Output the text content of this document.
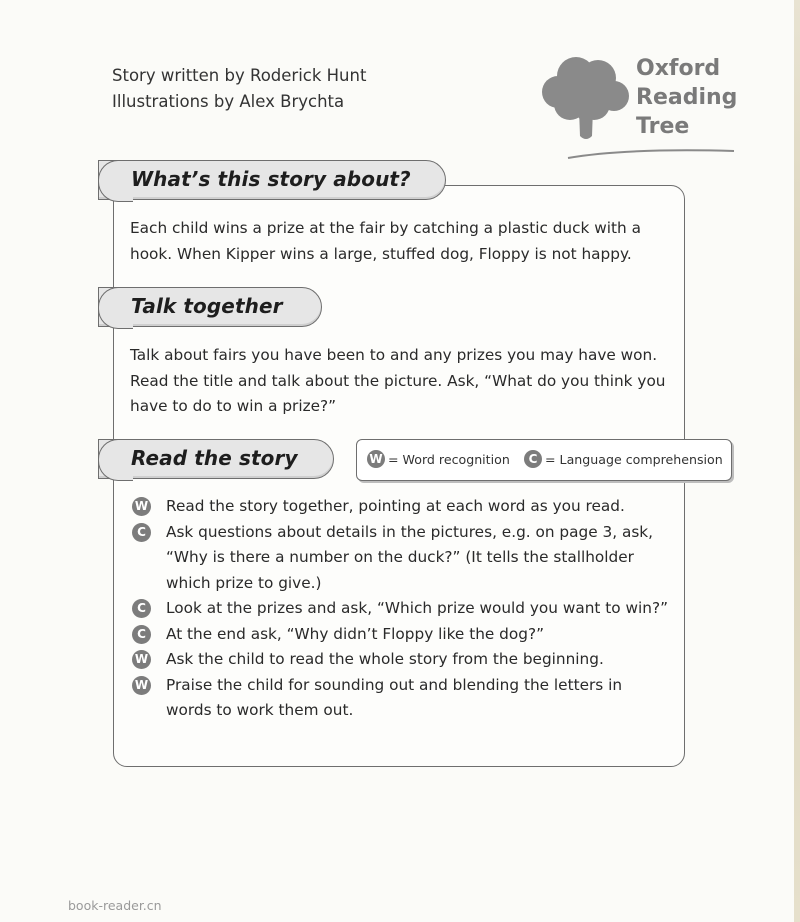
Story written by Roderick Hunt
Illustrations by Alex Brychta
Oxford
Reading
Tree
What’s this story about?
Each child wins a prize at the fair by catching a plastic duck with a hook. When Kipper wins a large, stuffed dog, Floppy is not happy.
Talk together
Talk about fairs you have been to and any prizes you may have won. Read the title and talk about the picture. Ask, “What do you think you have to do to win a prize?”
Read the story	W = Word recognition	C = Language comprehension
W Read the story together, pointing at each word as you read.
C	Ask questions about details in the pictures, e.g. on page 3, ask, “Why is there a number on the duck?” (It tells the stallholder which prize to give.)
C	Look at the prizes and ask, “Which prize would you want to win?”
C	At the end ask, “Why didn’t Floppy like the dog?”
W Ask the child to read the whole story from the beginning.
W Praise the child for sounding out and blending the letters in words to work them out.
book-reader.cn
